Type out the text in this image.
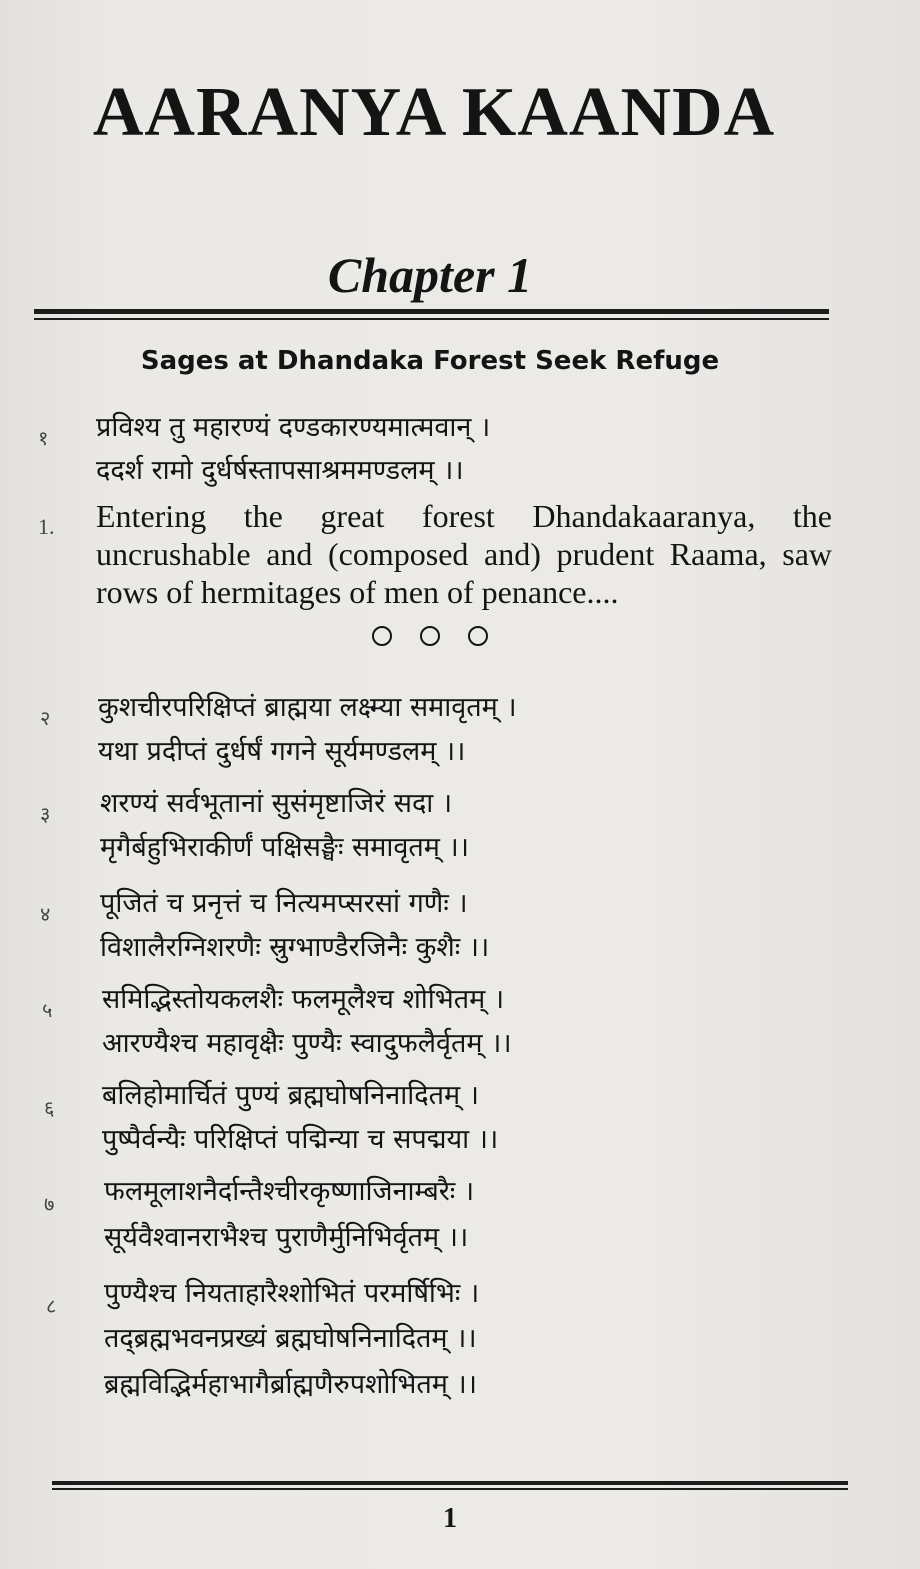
AARANYA KAANDA
Chapter 1
Sages at Dhandaka Forest Seek Refuge
१ प्रविश्य तु महारण्यं दण्डकारण्यमात्मवान् ।
ददर्श रामो दुर्धर्षस्तापसाश्रममण्डलम् ।।
1. Entering the great forest Dhandakaaranya, the uncrushable and (composed and) prudent Raama, saw rows of hermitages of men of penance....
२ कुशचीरपरिक्षिप्तं ब्राह्मया लक्ष्म्या समावृतम् ।
यथा प्रदीप्तं दुर्धर्षं गगने सूर्यमण्डलम् ।।
३ शरण्यं सर्वभूतानां सुसंमृष्टाजिरं सदा ।
मृगैर्बहुभिराकीर्णं पक्षिसङ्घैः समावृतम् ।।
४ पूजितं च प्रनृत्तं च नित्यमप्सरसां गणैः ।
विशालैरग्निशरणैः स्रुग्भाण्डैरजिनैः कुशैः ।।
५ समिद्भिस्तोयकलशैः फलमूलैश्च शोभितम् ।
आरण्यैश्च महावृक्षैः पुण्यैः स्वादुफलैर्वृतम् ।।
६ बलिहोमार्चितं पुण्यं ब्रह्मघोषनिनादितम् ।
पुष्पैर्वन्यैः परिक्षिप्तं पद्मिन्या च सपद्मया ।।
७ फलमूलाशनैर्दान्तैश्चीरकृष्णाजिनाम्बरैः ।
सूर्यवैश्वानराभैश्च पुराणैर्मुनिभिर्वृतम् ।।
८ पुण्यैश्च नियताहारैश्शोभितं परमर्षिभिः ।
तद्ब्रह्मभवनप्रख्यं ब्रह्मघोषनिनादितम् ।।
ब्रह्मविद्भिर्महाभागैर्ब्राह्मणैरुपशोभितम् ।।
1
